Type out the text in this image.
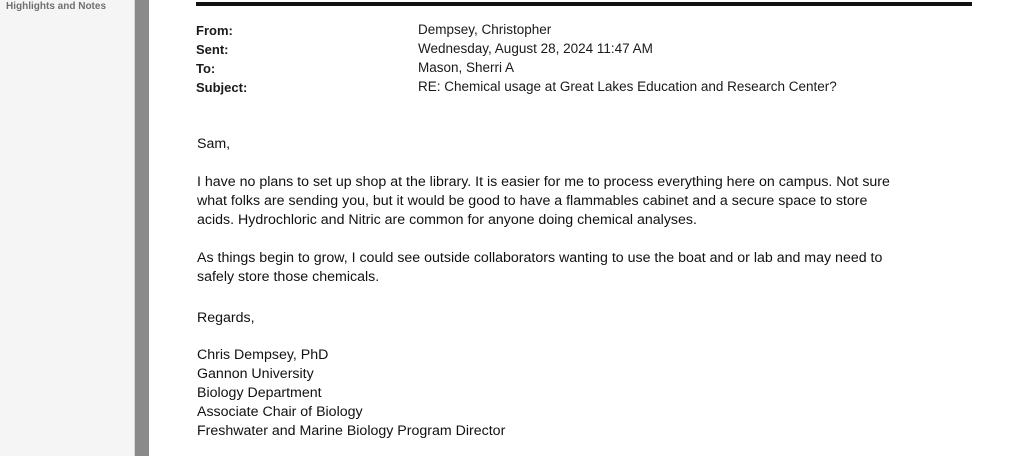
Highlights and Notes
From:	Dempsey, Christopher
Sent:	Wednesday, August 28, 2024 11:47 AM
To:	Mason, Sherri A
Subject:	RE: Chemical usage at Great Lakes Education and Research Center?
Sam,
I have no plans to set up shop at the library. It is easier for me to process everything here on campus. Not sure
what folks are sending you, but it would be good to have a flammables cabinet and a secure space to store
acids. Hydrochloric and Nitric are common for anyone doing chemical analyses.
As things begin to grow, I could see outside collaborators wanting to use the boat and or lab and may need to
safely store those chemicals.
Regards,
Chris Dempsey, PhD
Gannon University
Biology Department
Associate Chair of Biology
Freshwater and Marine Biology Program Director
